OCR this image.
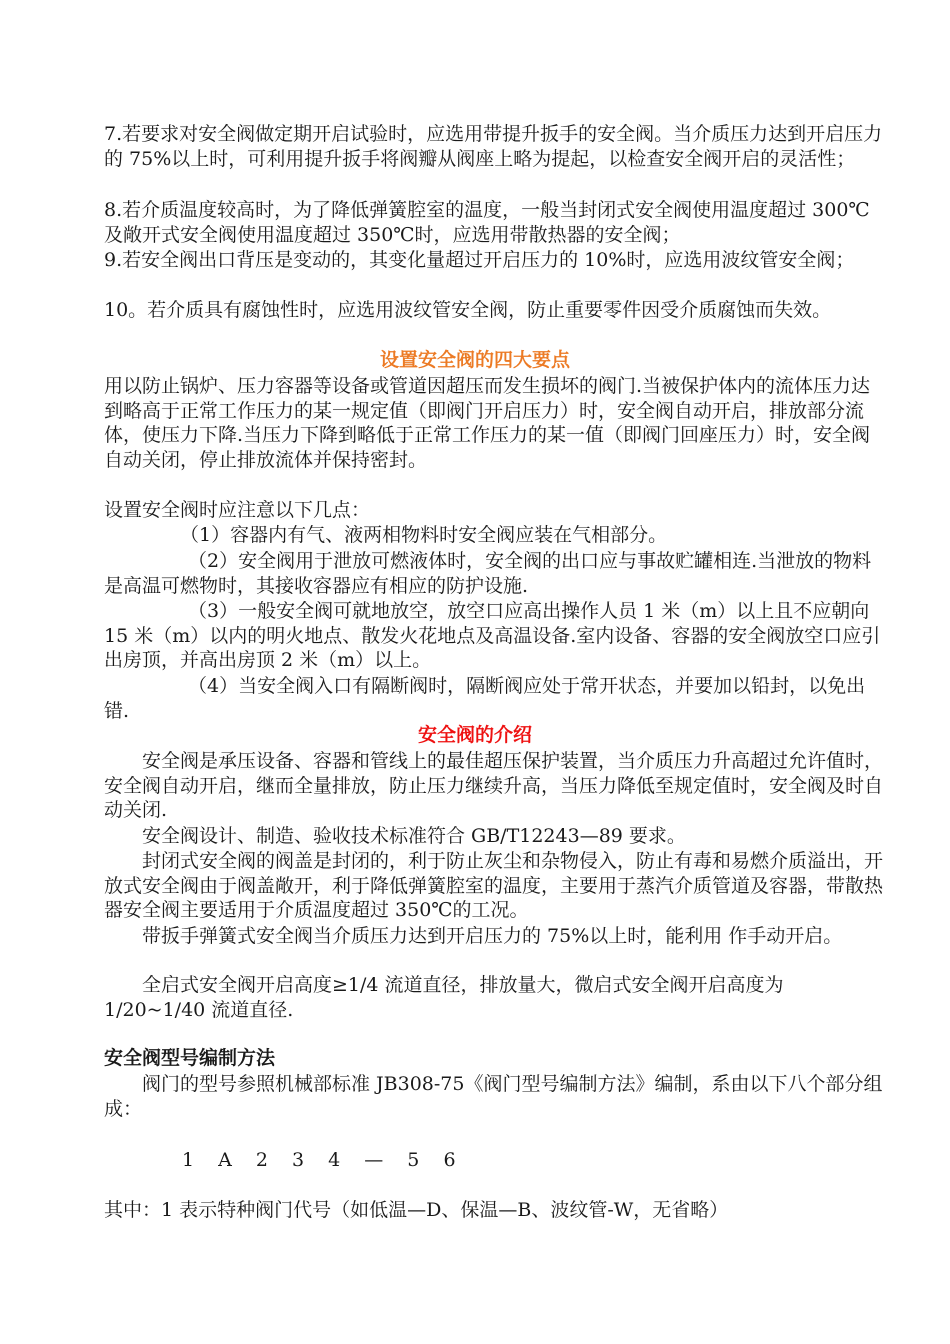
7.若要求对安全阀做定期开启试验时，应选用带提升扳手的安全阀。当介质压力达到开启压力的 75%以上时，可利用提升扳手将阀瓣从阀座上略为提起，以检查安全阀开启的灵活性；

8.若介质温度较高时，为了降低弹簧腔室的温度，一般当封闭式安全阀使用温度超过 300℃及敞开式安全阀使用温度超过 350℃时，应选用带散热器的安全阀；

9.若安全阀出口背压是变动的，其变化量超过开启压力的 10%时，应选用波纹管安全阀；

10。若介质具有腐蚀性时，应选用波纹管安全阀，防止重要零件因受介质腐蚀而失效。

设置安全阀的四大要点

用以防止锅炉、压力容器等设备或管道因超压而发生损坏的阀门.当被保护体内的流体压力达到略高于正常工作压力的某一规定值（即阀门开启压力）时，安全阀自动开启，排放部分流体，使压力下降.当压力下降到略低于正常工作压力的某一值（即阀门回座压力）时，安全阀自动关闭，停止排放流体并保持密封。

设置安全阀时应注意以下几点：

（1）容器内有气、液两相物料时安全阀应装在气相部分。

（2）安全阀用于泄放可燃液体时，安全阀的出口应与事故贮罐相连.当泄放的物料是高温可燃物时，其接收容器应有相应的防护设施.

（3）一般安全阀可就地放空，放空口应高出操作人员 1 米（m）以上且不应朝向 15 米（m）以内的明火地点、散发火花地点及高温设备.室内设备、容器的安全阀放空口应引出房顶，并高出房顶 2 米（m）以上。

（4）当安全阀入口有隔断阀时，隔断阀应处于常开状态，并要加以铅封，以免出错.

安全阀的介绍

安全阀是承压设备、容器和管线上的最佳超压保护装置，当介质压力升高超过允许值时，安全阀自动开启，继而全量排放，防止压力继续升高，当压力降低至规定值时，安全阀及时自动关闭.

安全阀设计、制造、验收技术标准符合 GB/T12243—89 要求。

封闭式安全阀的阀盖是封闭的，利于防止灰尘和杂物侵入，防止有毒和易燃介质溢出，开放式安全阀由于阀盖敞开，利于降低弹簧腔室的温度，主要用于蒸汽介质管道及容器，带散热器安全阀主要适用于介质温度超过 350℃的工况。

带扳手弹簧式安全阀当介质压力达到开启压力的 75%以上时，能利用 作手动开启。

全启式安全阀开启高度≥1/4 流道直径，排放量大，微启式安全阀开启高度为 1/20~1/40 流道直径.

安全阀型号编制方法

阀门的型号参照机械部标准 JB308-75《阀门型号编制方法》编制，系由以下八个部分组成：

1 A 2 3 4 — 5 6

其中：1 表示特种阀门代号（如低温—D、保温—B、波纹管-W，无省略）
